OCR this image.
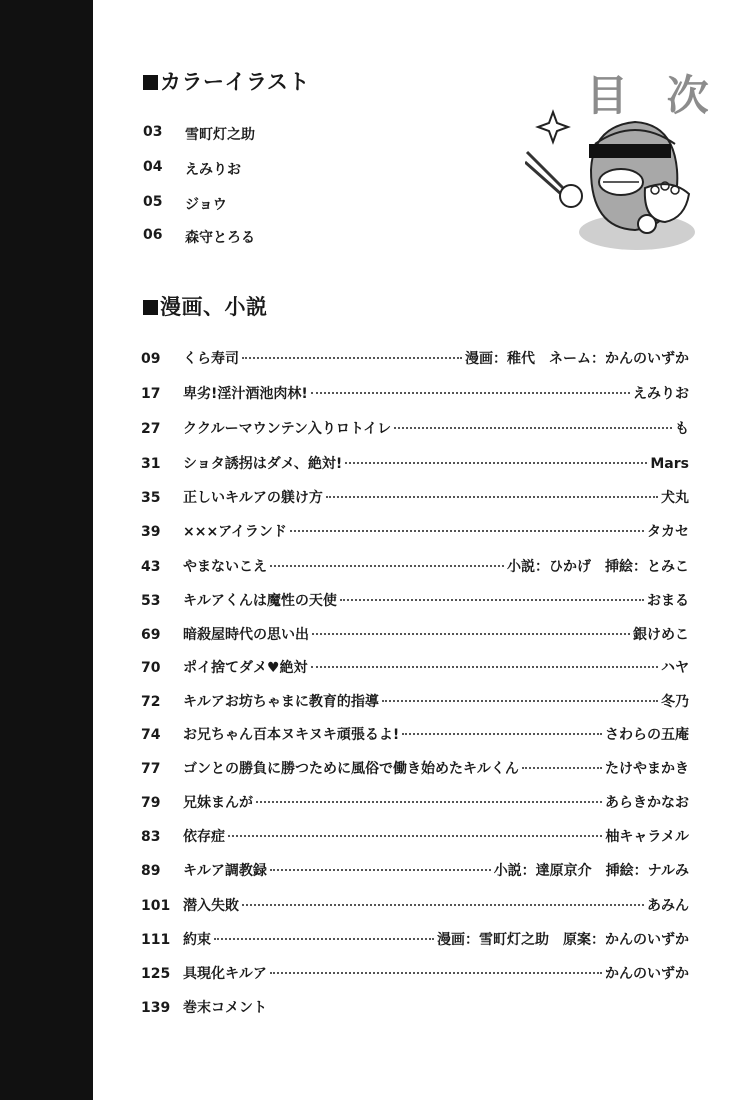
カラーイラスト	目 次
03	雪町灯之助
04	えみりお
05	ジョウ
06	森守とろる
漫画、小説
09	くら寿司	漫画：稚代　ネーム：かんのいずか
17	卑劣!淫汁酒池肉林!	えみりお
27	ククルーマウンテン入りロトイレ	も
31	ショタ誘拐はダメ、絶対!	Mars
35	正しいキルアの躾け方	犬丸
39	×××アイランド	タカセ
43	やまないこえ	小説：ひかげ　挿絵：とみこ
53	キルアくんは魔性の天使	おまる
69	暗殺屋時代の思い出	銀けめこ
70	ポイ捨てダメ♥絶対	ハヤ
72	キルアお坊ちゃまに教育的指導	冬乃
74	お兄ちゃん百本ヌキヌキ頑張るよ!	さわらの五庵
77	ゴンとの勝負に勝つために風俗で働き始めたキルくん	たけやまかき
79	兄妹まんが	あらきかなお
83	依存症	柚キャラメル
89	キルア調教録	小説：達原京介　挿絵：ナルみ
101 潜入失敗	あみん
111 約束	漫画：雪町灯之助　原案：かんのいずか
125 具現化キルア	かんのいずか
139 巻末コメント
